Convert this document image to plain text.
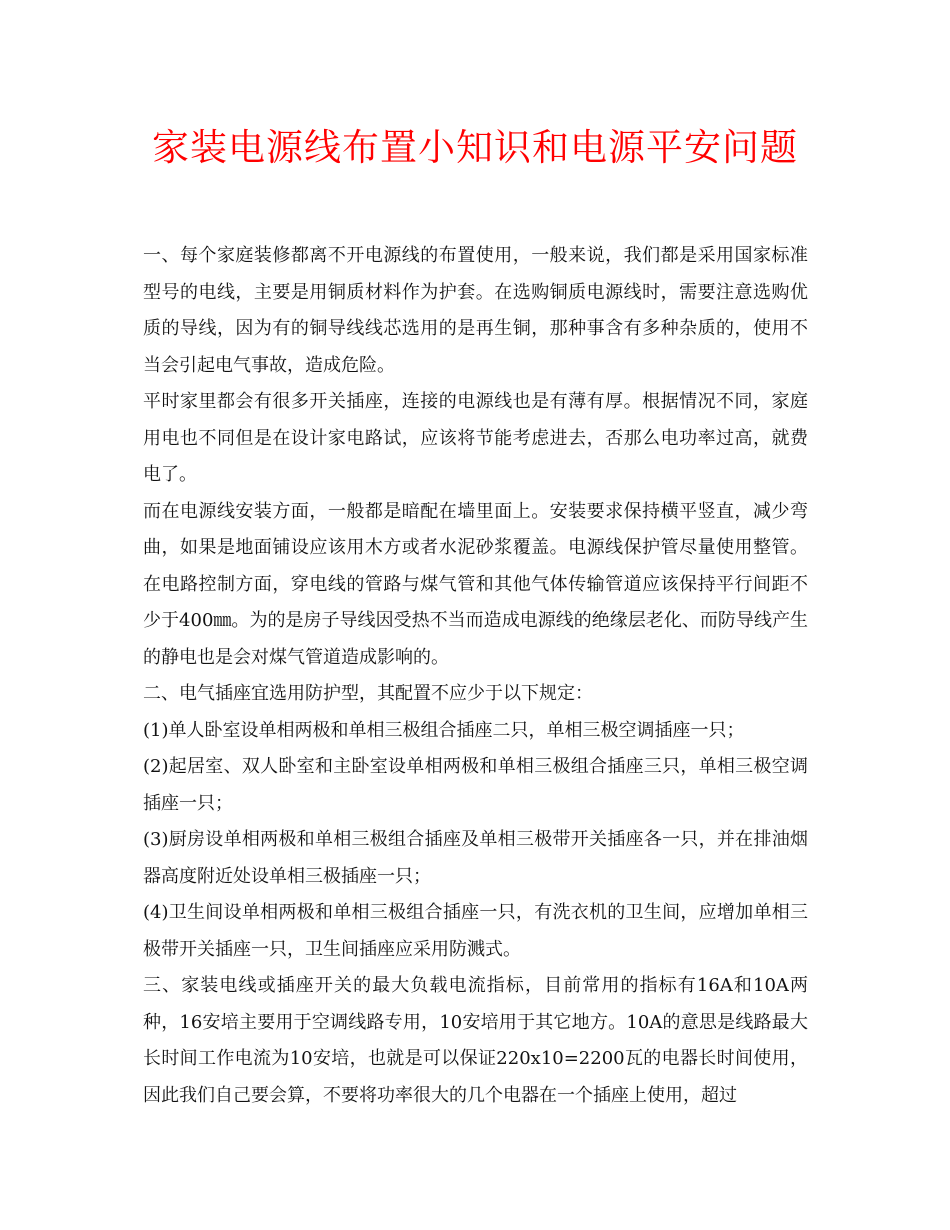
家装电源线布置小知识和电源平安问题

一、每个家庭装修都离不开电源线的布置使用，一般来说，我们都是采用国家标准型号的电线，主要是用铜质材料作为护套。在选购铜质电源线时，需要注意选购优质的导线，因为有的铜导线线芯选用的是再生铜，那种事含有多种杂质的，使用不当会引起电气事故，造成危险。

平时家里都会有很多开关插座，连接的电源线也是有薄有厚。根据情况不同，家庭用电也不同但是在设计家电路试，应该将节能考虑进去，否那么电功率过高，就费电了。

而在电源线安装方面，一般都是暗配在墙里面上。安装要求保持横平竖直，减少弯曲，如果是地面铺设应该用木方或者水泥砂浆覆盖。电源线保护管尽量使用整管。在电路控制方面，穿电线的管路与煤气管和其他气体传输管道应该保持平行间距不少于400㎜。为的是房子导线因受热不当而造成电源线的绝缘层老化、而防导线产生的静电也是会对煤气管道造成影响的。

二、电气插座宜选用防护型，其配置不应少于以下规定：

(1)单人卧室设单相两极和单相三极组合插座二只，单相三极空调插座一只；

(2)起居室、双人卧室和主卧室设单相两极和单相三极组合插座三只，单相三极空调插座一只；

(3)厨房设单相两极和单相三极组合插座及单相三极带开关插座各一只，并在排油烟器高度附近处设单相三极插座一只；

(4)卫生间设单相两极和单相三极组合插座一只，有洗衣机的卫生间，应增加单相三极带开关插座一只，卫生间插座应采用防溅式。

三、家装电线或插座开关的最大负载电流指标，目前常用的指标有16A和10A两种，16安培主要用于空调线路专用，10安培用于其它地方。10A的意思是线路最大长时间工作电流为10安培，也就是可以保证220x10=2200瓦的电器长时间使用，因此我们自己要会算，不要将功率很大的几个电器在一个插座上使用，超过
